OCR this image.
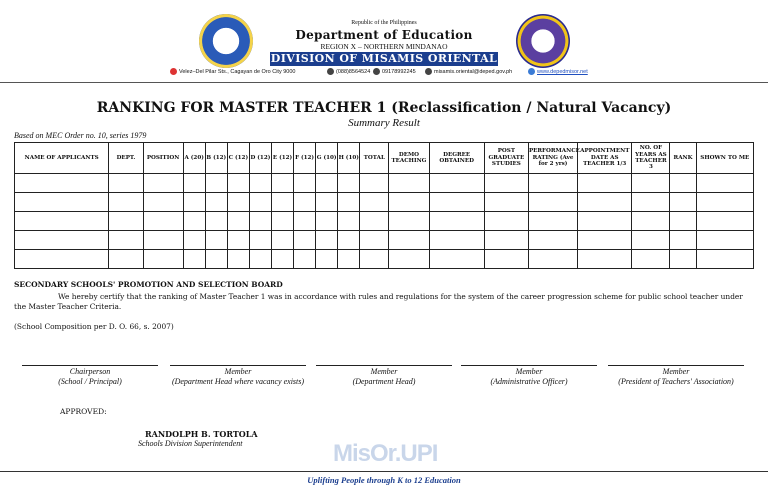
Republic of the Philippines
Department of Education
REGION X – NORTHERN MINDANAO
DIVISION OF MISAMIS ORIENTAL
Velez–Del Pilar Sts., Cagayan de Oro City 9000	(088)8564524	09178992245	misamis.oriental@deped.gov.ph	www.depedmisor.net
RANKING FOR MASTER TEACHER 1 (Reclassification / Natural Vacancy)
Summary Result
Based on MEC Order no. 10, series 1979
NAME OF APPLICANTS	DEPT.	POSITION	A (20)	B (12)	C (12)	D (12)	E (12)	F (12)	G (10)	H (10)	TOTAL	DEMO TEACHING	DEGREE OBTAINED	POST GRADUATE STUDIES	PERFORMANCE RATING (Ave for 2 yrs)	APPOINTMENT DATE AS TEACHER 1/3	NO. OF YEARS AS TEACHER 3	RANK	SHOWN TO ME

SECONDARY SCHOOLS' PROMOTION AND SELECTION BOARD
We hereby certify that the ranking of Master Teacher 1 was in accordance with rules and regulations for the system of the career progression scheme for public school teacher under the Master Teacher Criteria.
(School Composition per D. O. 66, s. 2007)
Chairperson
(School / Principal)
Member
(Department Head where vacancy exists)
Member
(Department Head)
Member
(Administrative Officer)
Member
(President of Teachers' Association)
APPROVED:
RANDOLPH B. TORTOLA
Schools Division Superintendent	MisOr.UPI
Uplifting People through K to 12 Education
